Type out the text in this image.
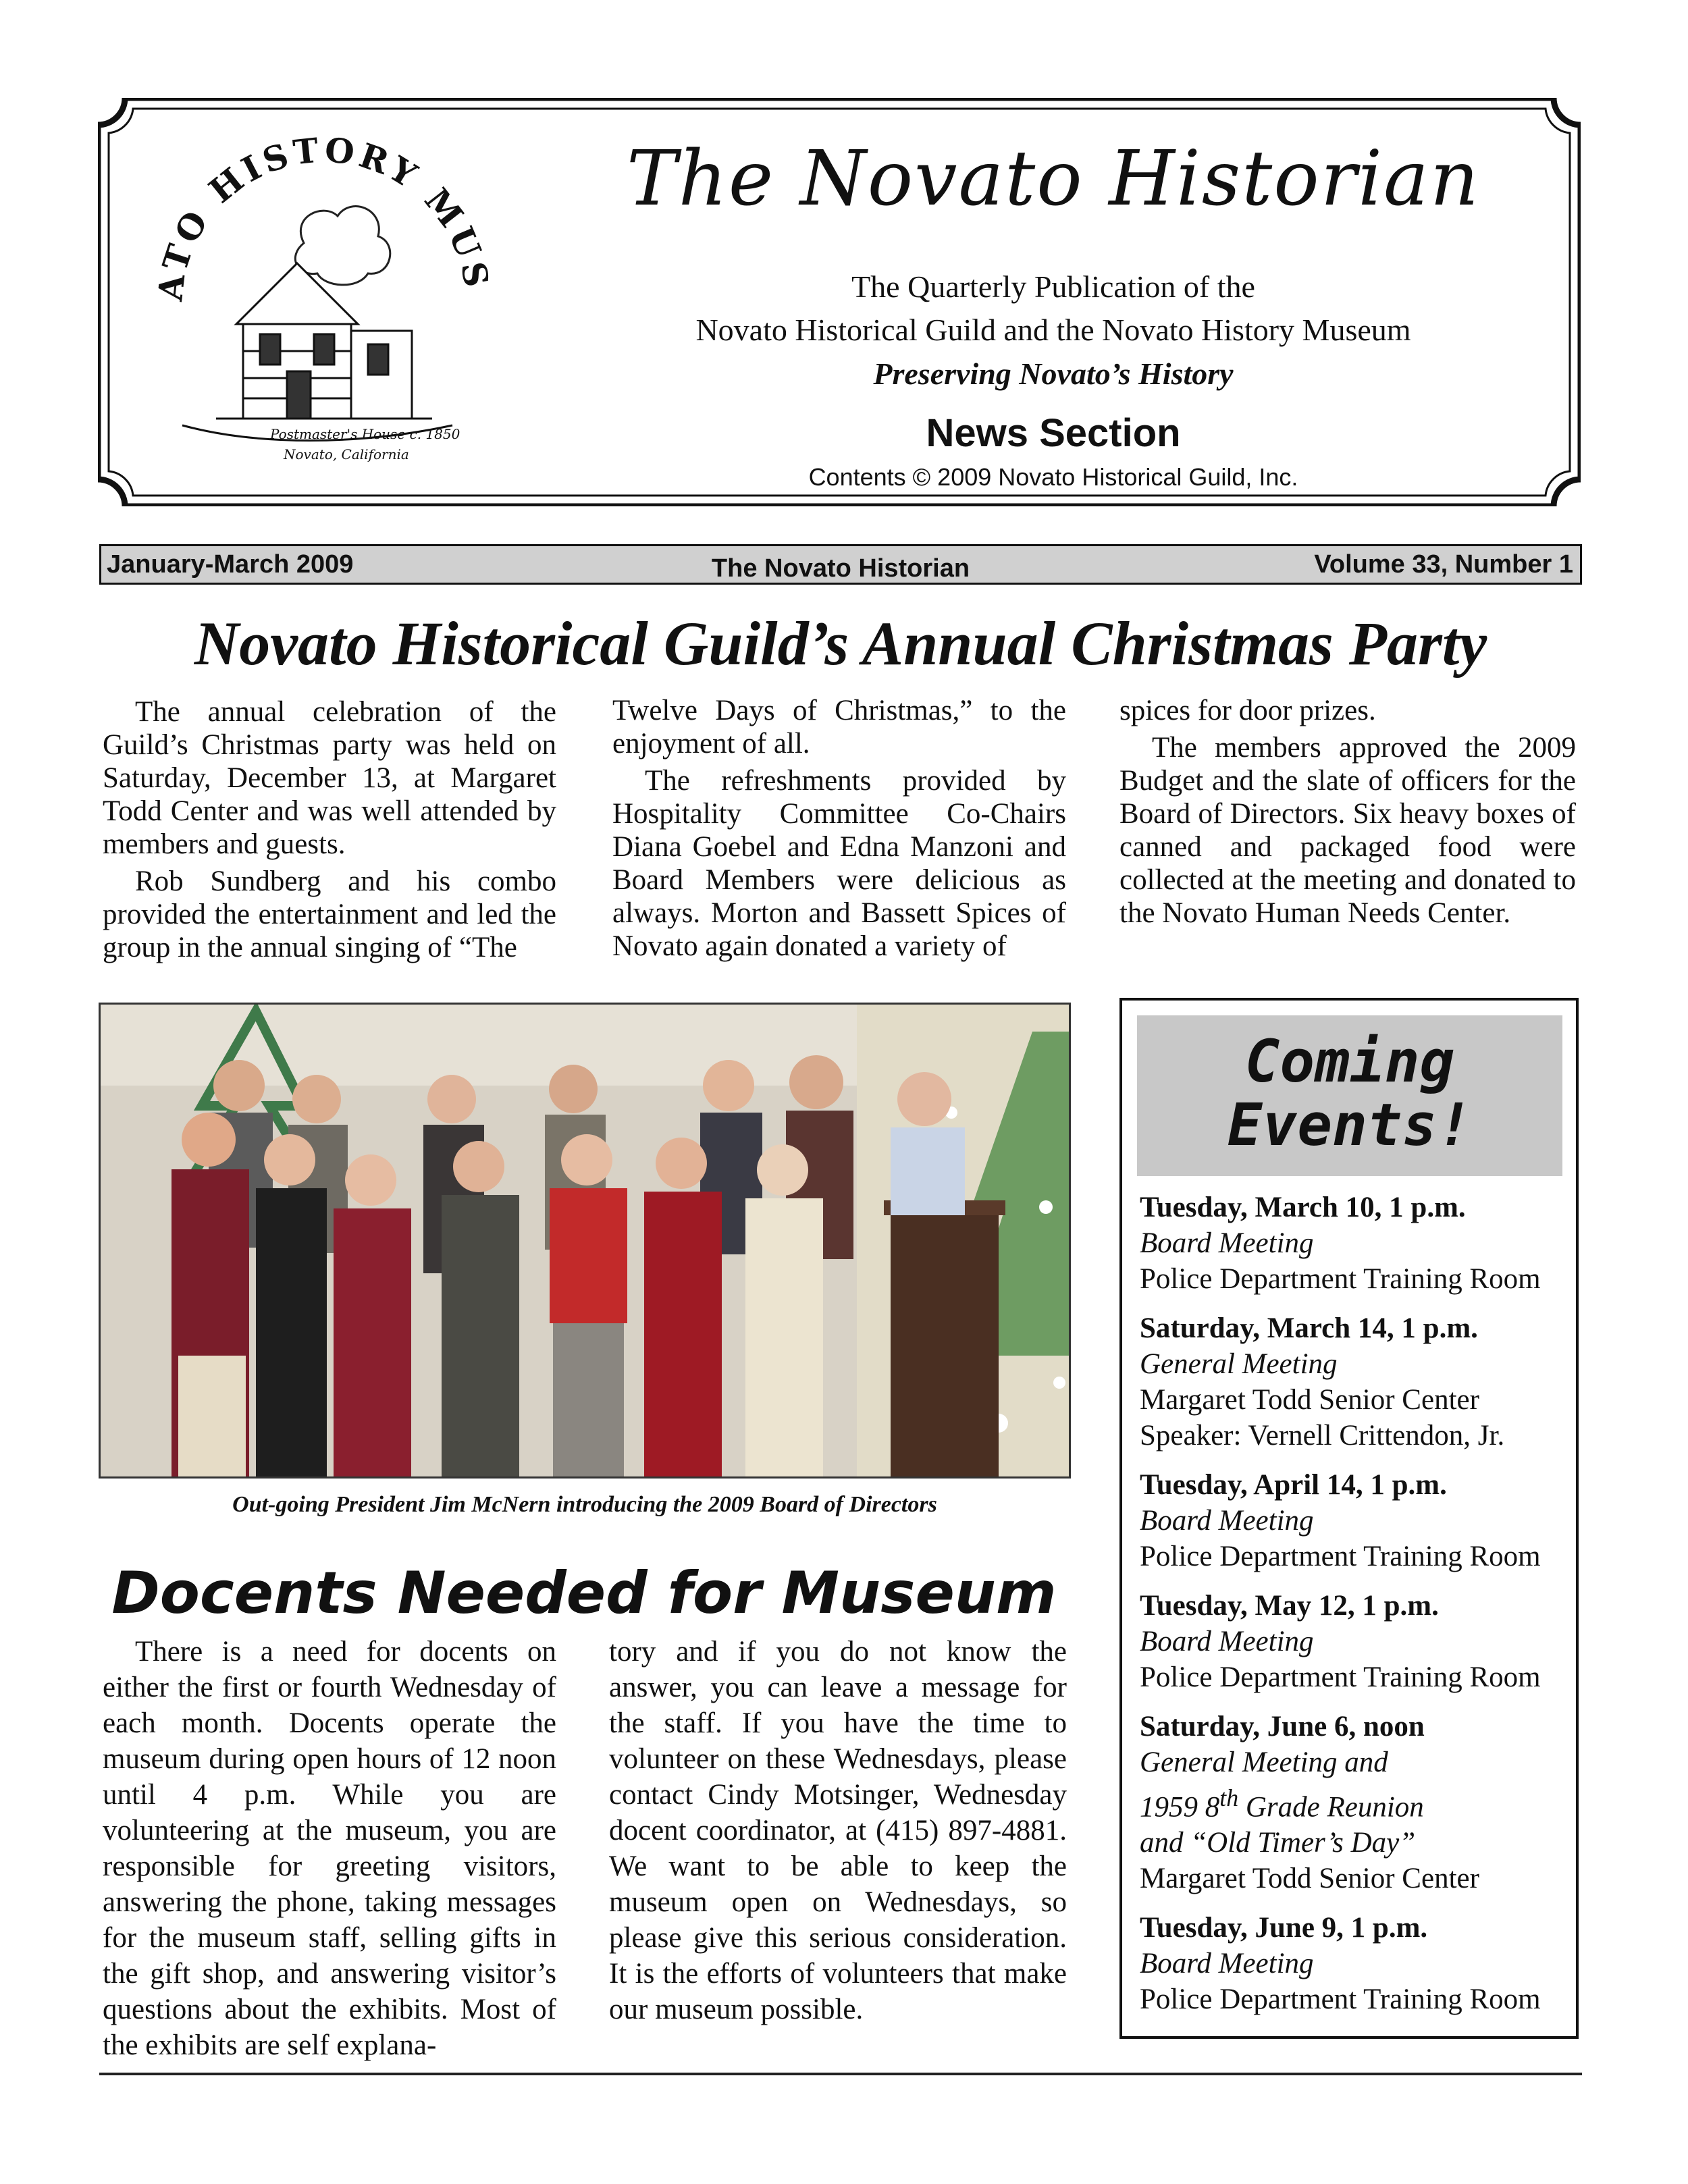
ATO HISTORY MUS
Postmaster's House c. 1850
Novato, California
The Novato Historian
The Quarterly Publication of the
Novato Historical Guild and the Novato History Museum
Preserving Novato’s History
News Section
Contents © 2009 Novato Historical Guild, Inc.
The Novato Historian
January-March 2009	Volume 33, Number 1
Novato Historical Guild’s Annual Christmas Party

The annual celebration of the Guild’s Christmas party was held on Saturday, December 13, at Margaret Todd Center and was well attended by members and guests.

Rob Sundberg and his combo provided the entertainment and led the group in the annual singing of “The

Twelve Days of Christmas,” to the enjoyment of all.

The refreshments provided by Hospitality Committee Co-Chairs Diana Goebel and Edna Manzoni and Board Members were delicious as always. Morton and Bassett Spices of Novato again donated a variety of

spices for door prizes.

The members approved the 2009 Budget and the slate of officers for the Board of Directors. Six heavy boxes of canned and packaged food were collected at the meeting and donated to the Novato Human Needs Center.

Out-going President Jim McNern introducing the 2009 Board of Directors
Docents Needed for Museum

There is a need for docents on either the first or fourth Wednesday of each month. Docents operate the museum during open hours of 12 noon until 4 p.m. While you are volunteering at the museum, you are responsible for greeting visitors, answering the phone, taking messages for the museum staff, selling gifts in the gift shop, and answering visitor’s questions about the exhibits. Most of the exhibits are self explana-

tory and if you do not know the answer, you can leave a message for the staff. If you have the time to volunteer on these Wednesdays, please contact Cindy Motsinger, Wednesday docent coordinator, at (415) 897-4881. We want to be able to keep the museum open on Wednesdays, so please give this serious consideration. It is the efforts of volunteers that make our museum possible.

Coming
Events!
Tuesday, March 10, 1 p.m.
Board Meeting
Police Department Training Room
Saturday, March 14, 1 p.m.
General Meeting
Margaret Todd Senior Center
Speaker: Vernell Crittendon, Jr.
Tuesday, April 14, 1 p.m.
Board Meeting
Police Department Training Room
Tuesday, May 12, 1 p.m.
Board Meeting
Police Department Training Room
Saturday, June 6, noon
General Meeting and
1959 8th Grade Reunion
and “Old Timer’s Day”
Margaret Todd Senior Center
Tuesday, June 9, 1 p.m.
Board Meeting
Police Department Training Room
